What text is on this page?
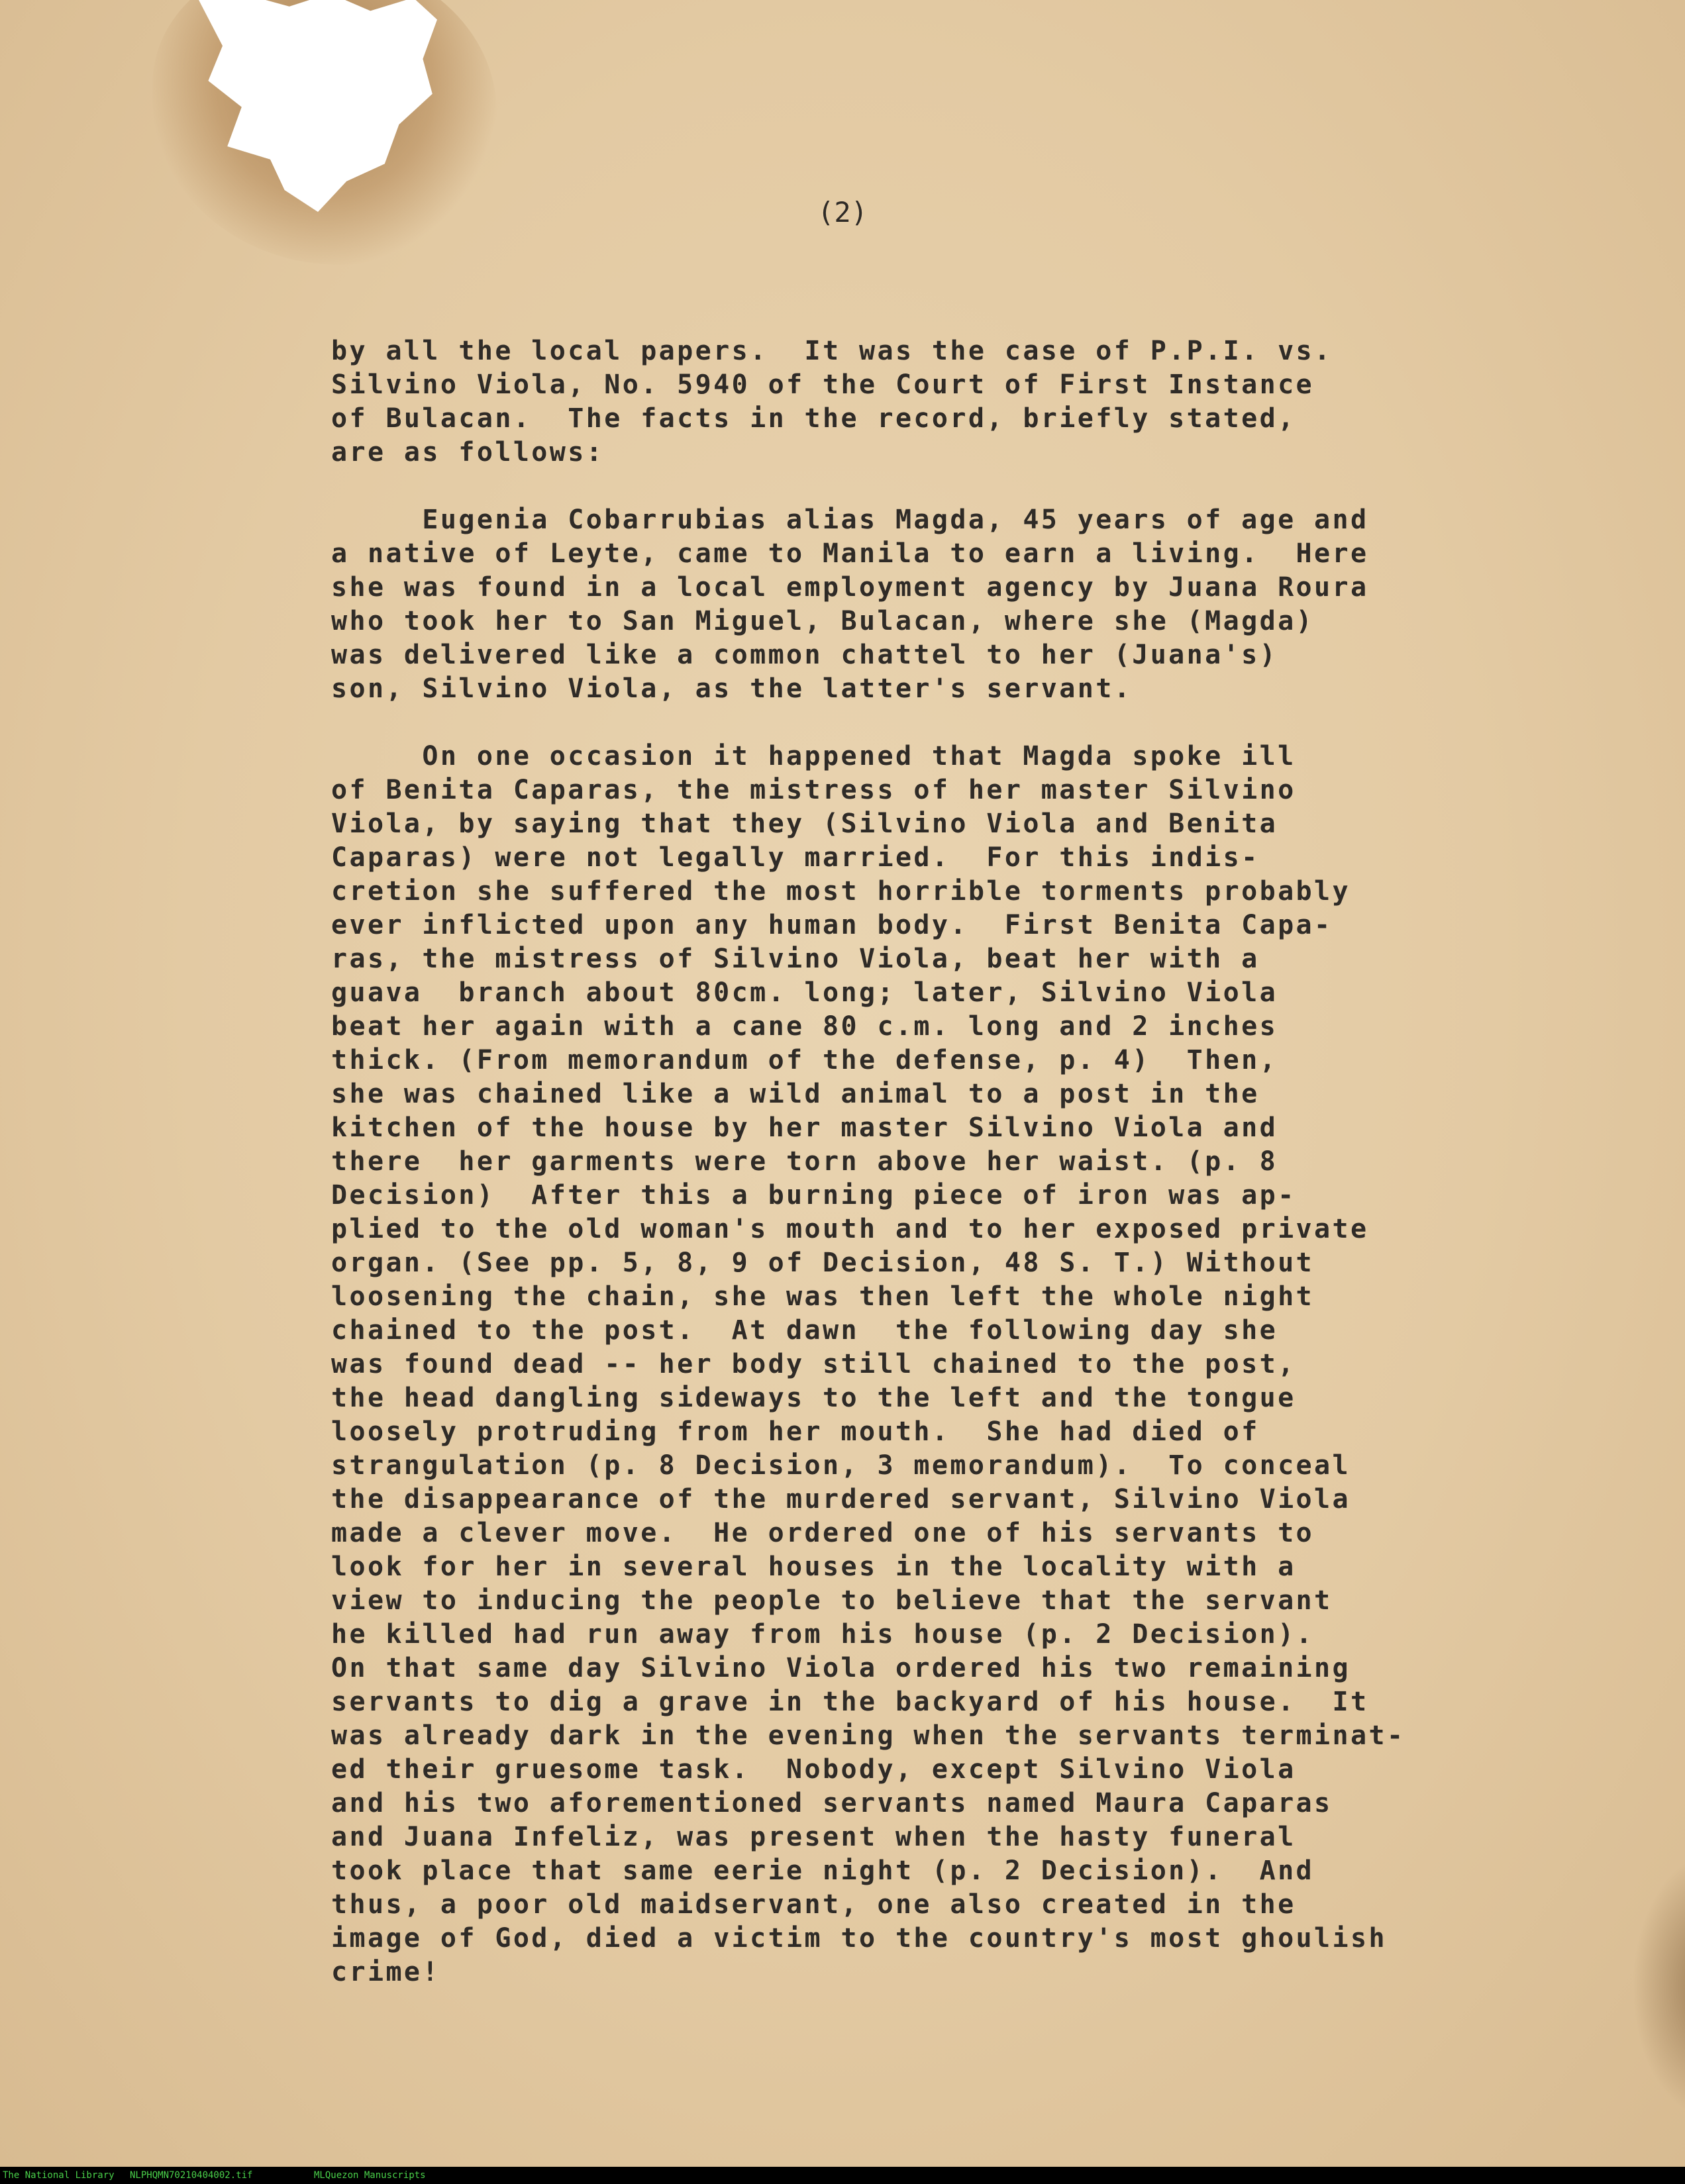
(2)

by all the local papers.  It was the case of P.P.I. vs.
Silvino Viola, No. 5940 of the Court of First Instance
of Bulacan.  The facts in the record, briefly stated,
are as follows:

Eugenia Cobarrubias alias Magda, 45 years of age and
a native of Leyte, came to Manila to earn a living.  Here
she was found in a local employment agency by Juana Roura
who took her to San Miguel, Bulacan, where she (Magda)
was delivered like a common chattel to her (Juana's)
son, Silvino Viola, as the latter's servant.

On one occasion it happened that Magda spoke ill
of Benita Caparas, the mistress of her master Silvino
Viola, by saying that they (Silvino Viola and Benita
Caparas) were not legally married.  For this indis-
cretion she suffered the most horrible torments probably
ever inflicted upon any human body.  First Benita Capa-
ras, the mistress of Silvino Viola, beat her with a
guava  branch about 80cm. long; later, Silvino Viola
beat her again with a cane 80 c.m. long and 2 inches
thick. (From memorandum of the defense, p. 4)  Then,
she was chained like a wild animal to a post in the
kitchen of the house by her master Silvino Viola and
there  her garments were torn above her waist. (p. 8
Decision)  After this a burning piece of iron was ap-
plied to the old woman's mouth and to her exposed private
organ. (See pp. 5, 8, 9 of Decision, 48 S. T.) Without
loosening the chain, she was then left the whole night
chained to the post.  At dawn  the following day she
was found dead -- her body still chained to the post,
the head dangling sideways to the left and the tongue
loosely protruding from her mouth.  She had died of
strangulation (p. 8 Decision, 3 memorandum).  To conceal
the disappearance of the murdered servant, Silvino Viola
made a clever move.  He ordered one of his servants to
look for her in several houses in the locality with a
view to inducing the people to believe that the servant
he killed had run away from his house (p. 2 Decision).
On that same day Silvino Viola ordered his two remaining
servants to dig a grave in the backyard of his house.  It
was already dark in the evening when the servants terminat-
ed their gruesome task.  Nobody, except Silvino Viola
and his two aforementioned servants named Maura Caparas
and Juana Infeliz, was present when the hasty funeral
took place that same eerie night (p. 2 Decision).  And
thus, a poor old maidservant, one also created in the
image of God, died a victim to the country's most ghoulish
crime!

The National Library NLPHQMN70210404002.tif	MLQuezon Manuscripts
